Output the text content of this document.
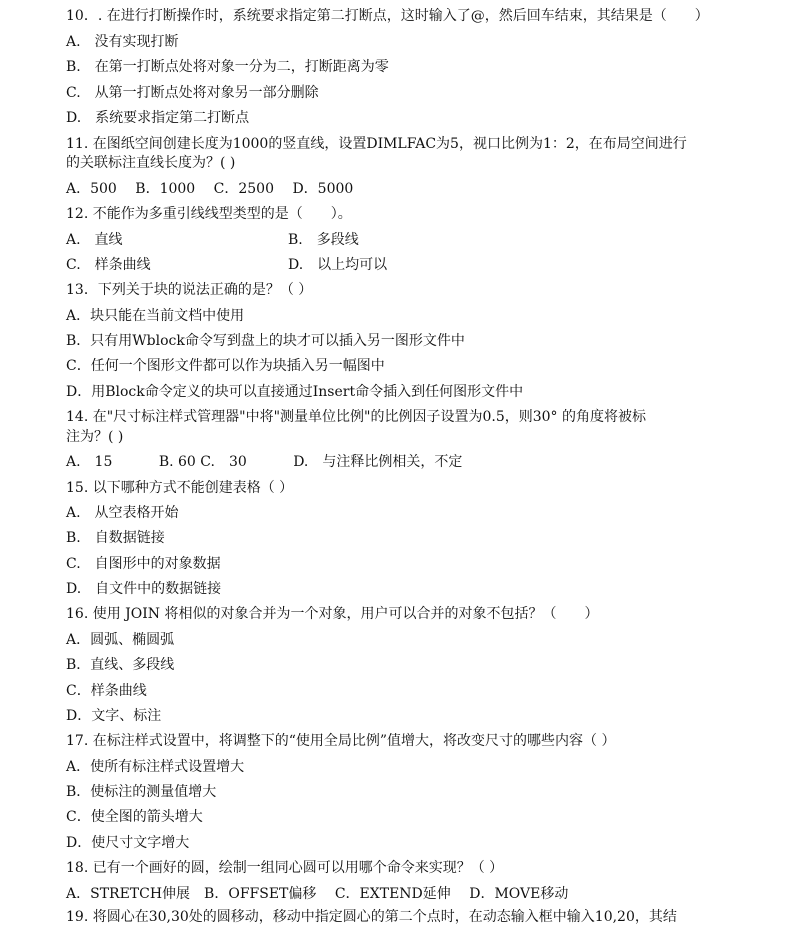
10．. 在进行打断操作时，系统要求指定第二打断点，这时输入了@，然后回车结束，其结果是（　　）
A.　没有实现打断
B.　在第一打断点处将对象一分为二，打断距离为零
C.　从第一打断点处将对象另一部分删除
D.　系统要求指定第二打断点
11. 在图纸空间创建长度为1000的竖直线，设置DIMLFAC为5，视口比例为1：2，在布局空间进行
的关联标注直线长度为？( )
A．500　 B．1000　 C．2500　 D．5000
12. 不能作为多重引线线型类型的是（　　）。
A.　直线	B.　多段线
C.　样条曲线	D.　以上均可以
13．下列关于块的说法正确的是？（ ）
A．块只能在当前文档中使用
B．只有用Wblock命令写到盘上的块才可以插入另一图形文件中
C．任何一个图形文件都可以作为块插入另一幅图中
D．用Block命令定义的块可以直接通过Insert命令插入到任何图形文件中
14. 在"尺寸标注样式管理器"中将"测量单位比例"的比例因子设置为0.5，则30° 的角度将被标
注为？( )
A.　15　　　 B. 60 C.　30　　　 D.　与注释比例相关，不定
15. 以下哪种方式不能创建表格（ ）
A.　从空表格开始
B.　自数据链接
C.　自图形中的对象数据
D.　自文件中的数据链接
16. 使用 JOIN 将相似的对象合并为一个对象，用户可以合并的对象不包括？（　　）
A．圆弧、椭圆弧
B．直线、多段线
C．样条曲线
D．文字、标注
17. 在标注样式设置中，将调整下的“使用全局比例”值增大，将改变尺寸的哪些内容（ ）
A．使所有标注样式设置增大
B．使标注的测量值增大
C．使全图的箭头增大
D．使尺寸文字增大
18. 已有一个画好的圆，绘制一组同心圆可以用哪个命令来实现？（ ）
A．STRETCH伸展　B．OFFSET偏移　 C．EXTEND延伸　 D．MOVE移动
19. 将圆心在30,30处的圆移动，移动中指定圆心的第二个点时，在动态输入框中输入10,20，其结
